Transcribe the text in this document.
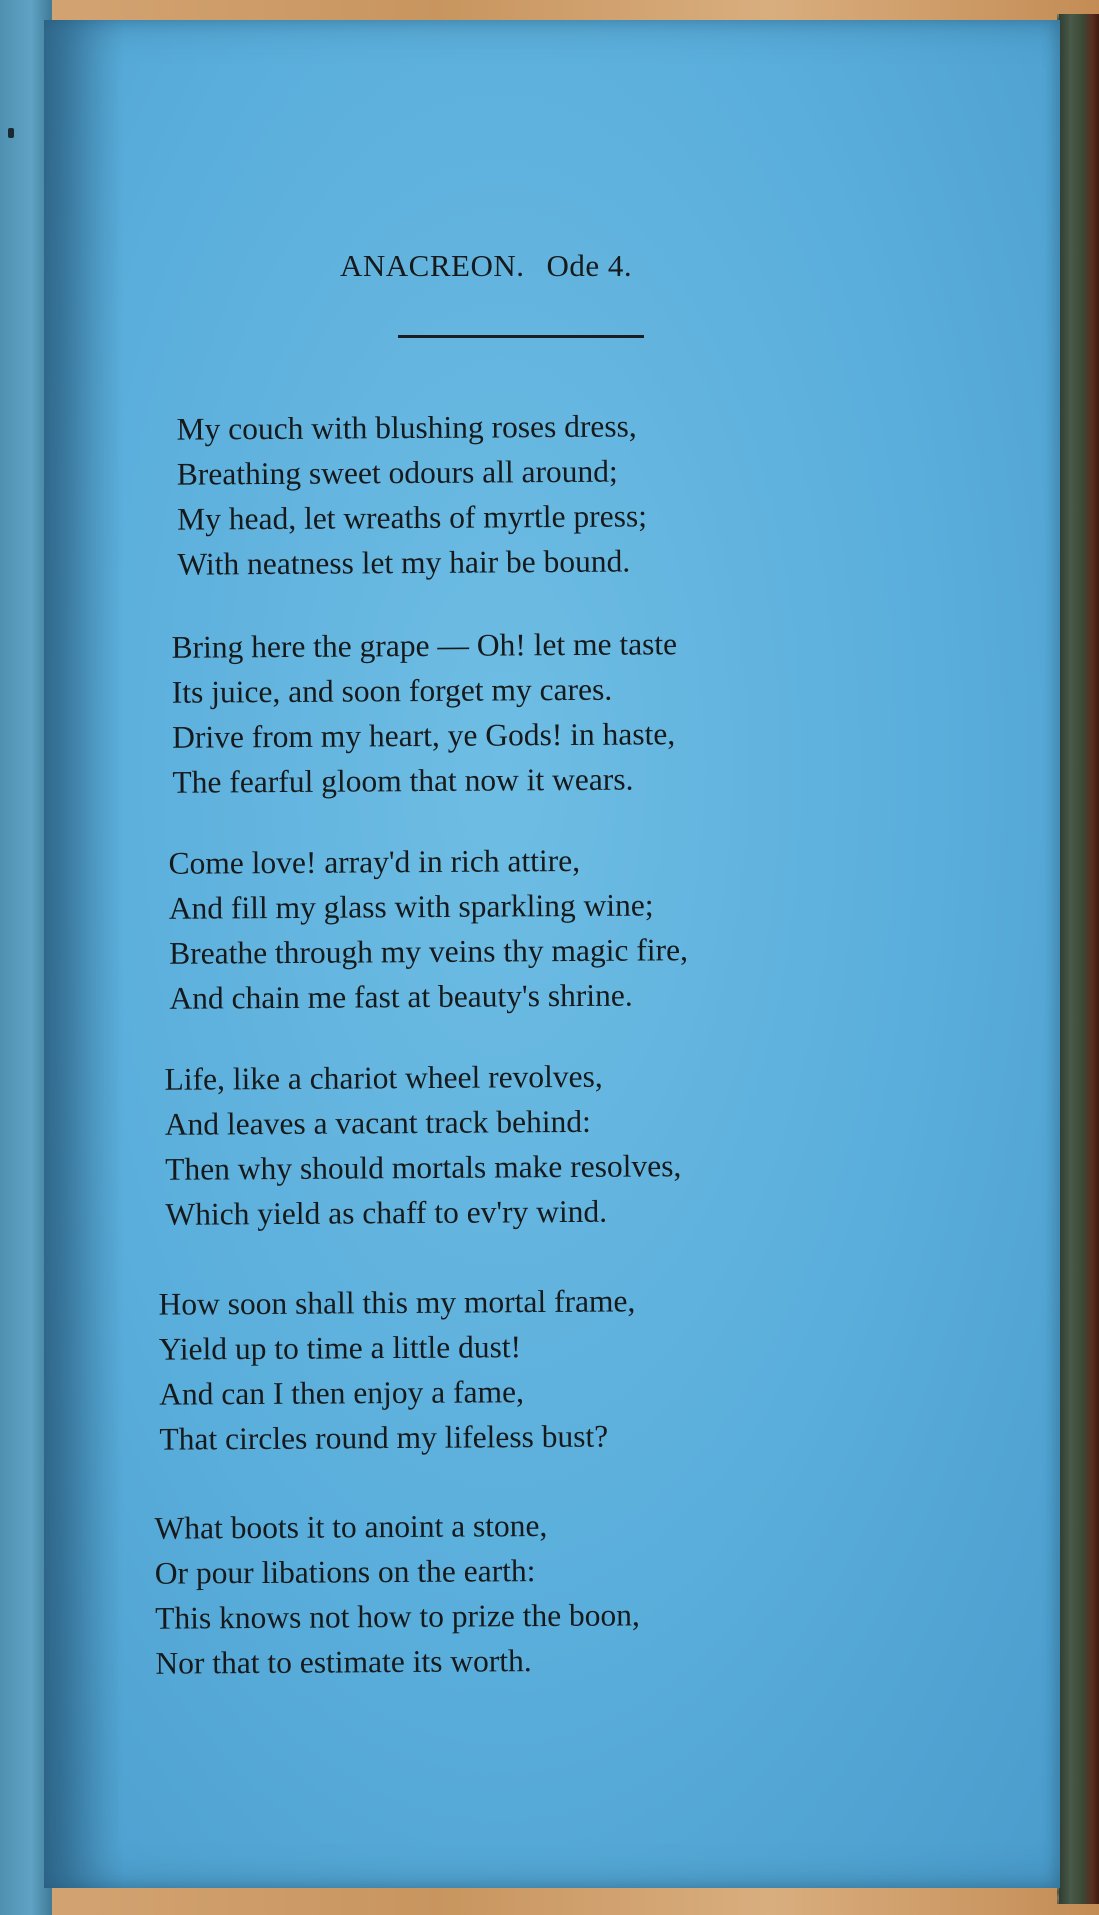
ANACREON. Ode 4.
My couch with blushing roses dress,
Breathing sweet odours all around;
My head, let wreaths of myrtle press;
With neatness let my hair be bound.
Bring here the grape — Oh! let me taste
Its juice, and soon forget my cares.
Drive from my heart, ye Gods! in haste,
The fearful gloom that now it wears.
Come love! array'd in rich attire,
And fill my glass with sparkling wine;
Breathe through my veins thy magic fire,
And chain me fast at beauty's shrine.
Life, like a chariot wheel revolves,
And leaves a vacant track behind:
Then why should mortals make resolves,
Which yield as chaff to ev'ry wind.
How soon shall this my mortal frame,
Yield up to time a little dust!
And can I then enjoy a fame,
That circles round my lifeless bust?
What boots it to anoint a stone,
Or pour libations on the earth:
This knows not how to prize the boon,
Nor that to estimate its worth.
